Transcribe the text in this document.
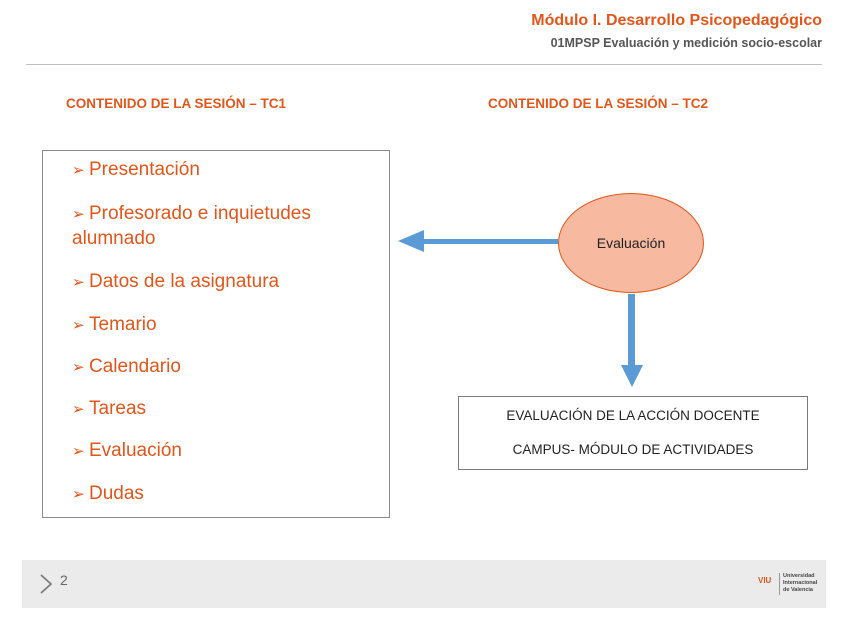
Módulo I. Desarrollo Psicopedagógico
01MPSP Evaluación y medición socio-escolar
CONTENIDO DE LA SESIÓN – TC1	CONTENIDO DE LA SESIÓN – TC2
➢ Presentación
➢ Profesorado e inquietudes alumnado
➢ Datos de la asignatura
➢ Temario
➢ Calendario
➢ Tareas
➢ Evaluación
➢ Dudas
Evaluación
EVALUACIÓN DE LA ACCIÓN DOCENTE
CAMPUS- MÓDULO DE ACTIVIDADES
2	VIU Universidad
Internacional
de Valencia
